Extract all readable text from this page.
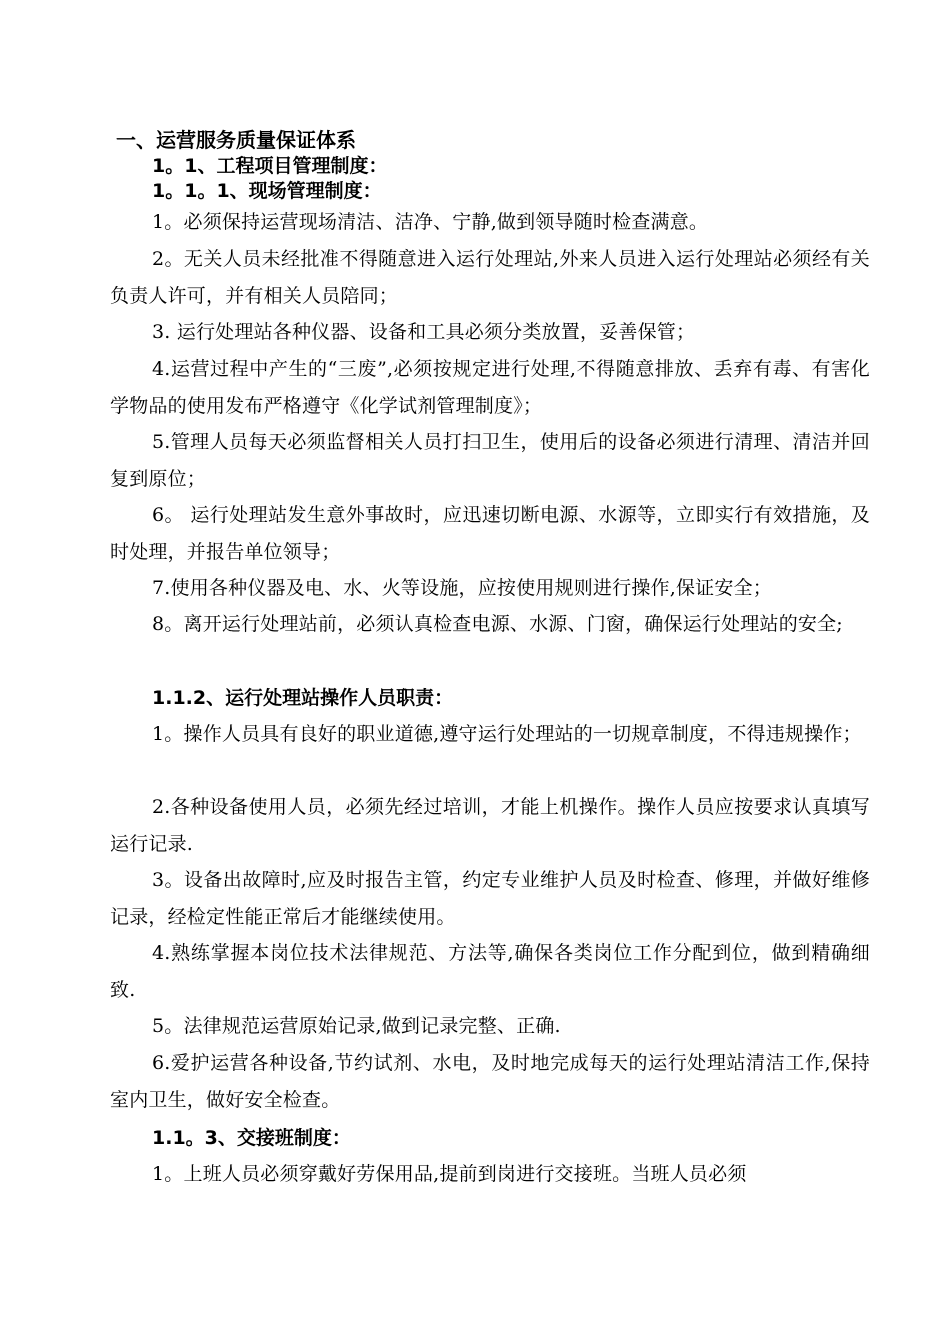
一、运营服务质量保证体系
1。1、工程项目管理制度：
1。1。1、现场管理制度：
1。必须保持运营现场清洁、洁净、宁静,做到领导随时检查满意。
2。无关人员未经批准不得随意进入运行处理站,外来人员进入运行处理站必须经有关负责人许可，并有相关人员陪同；
3. 运行处理站各种仪器、设备和工具必须分类放置，妥善保管；
4.运营过程中产生的“三废”,必须按规定进行处理,不得随意排放、丢弃有毒、有害化学物品的使用发布严格遵守《化学试剂管理制度》；
5.管理人员每天必须监督相关人员打扫卫生，使用后的设备必须进行清理、清洁并回复到原位；
6。 运行处理站发生意外事故时，应迅速切断电源、水源等，立即实行有效措施，及时处理，并报告单位领导；
7.使用各种仪器及电、水、火等设施，应按使用规则进行操作,保证安全；
8。离开运行处理站前，必须认真检查电源、水源、门窗，确保运行处理站的安全;
1.1.2、运行处理站操作人员职责：
1。操作人员具有良好的职业道德,遵守运行处理站的一切规章制度，不得违规操作；
2.各种设备使用人员，必须先经过培训，才能上机操作。操作人员应按要求认真填写运行记录.
3。设备出故障时,应及时报告主管，约定专业维护人员及时检查、修理，并做好维修记录，经检定性能正常后才能继续使用。
4.熟练掌握本岗位技术法律规范、方法等,确保各类岗位工作分配到位，做到精确细致.
5。法律规范运营原始记录,做到记录完整、正确.
6.爱护运营各种设备,节约试剂、水电，及时地完成每天的运行处理站清洁工作,保持室内卫生，做好安全检查。
1.1。3、交接班制度：
1。上班人员必须穿戴好劳保用品,提前到岗进行交接班。当班人员必须
